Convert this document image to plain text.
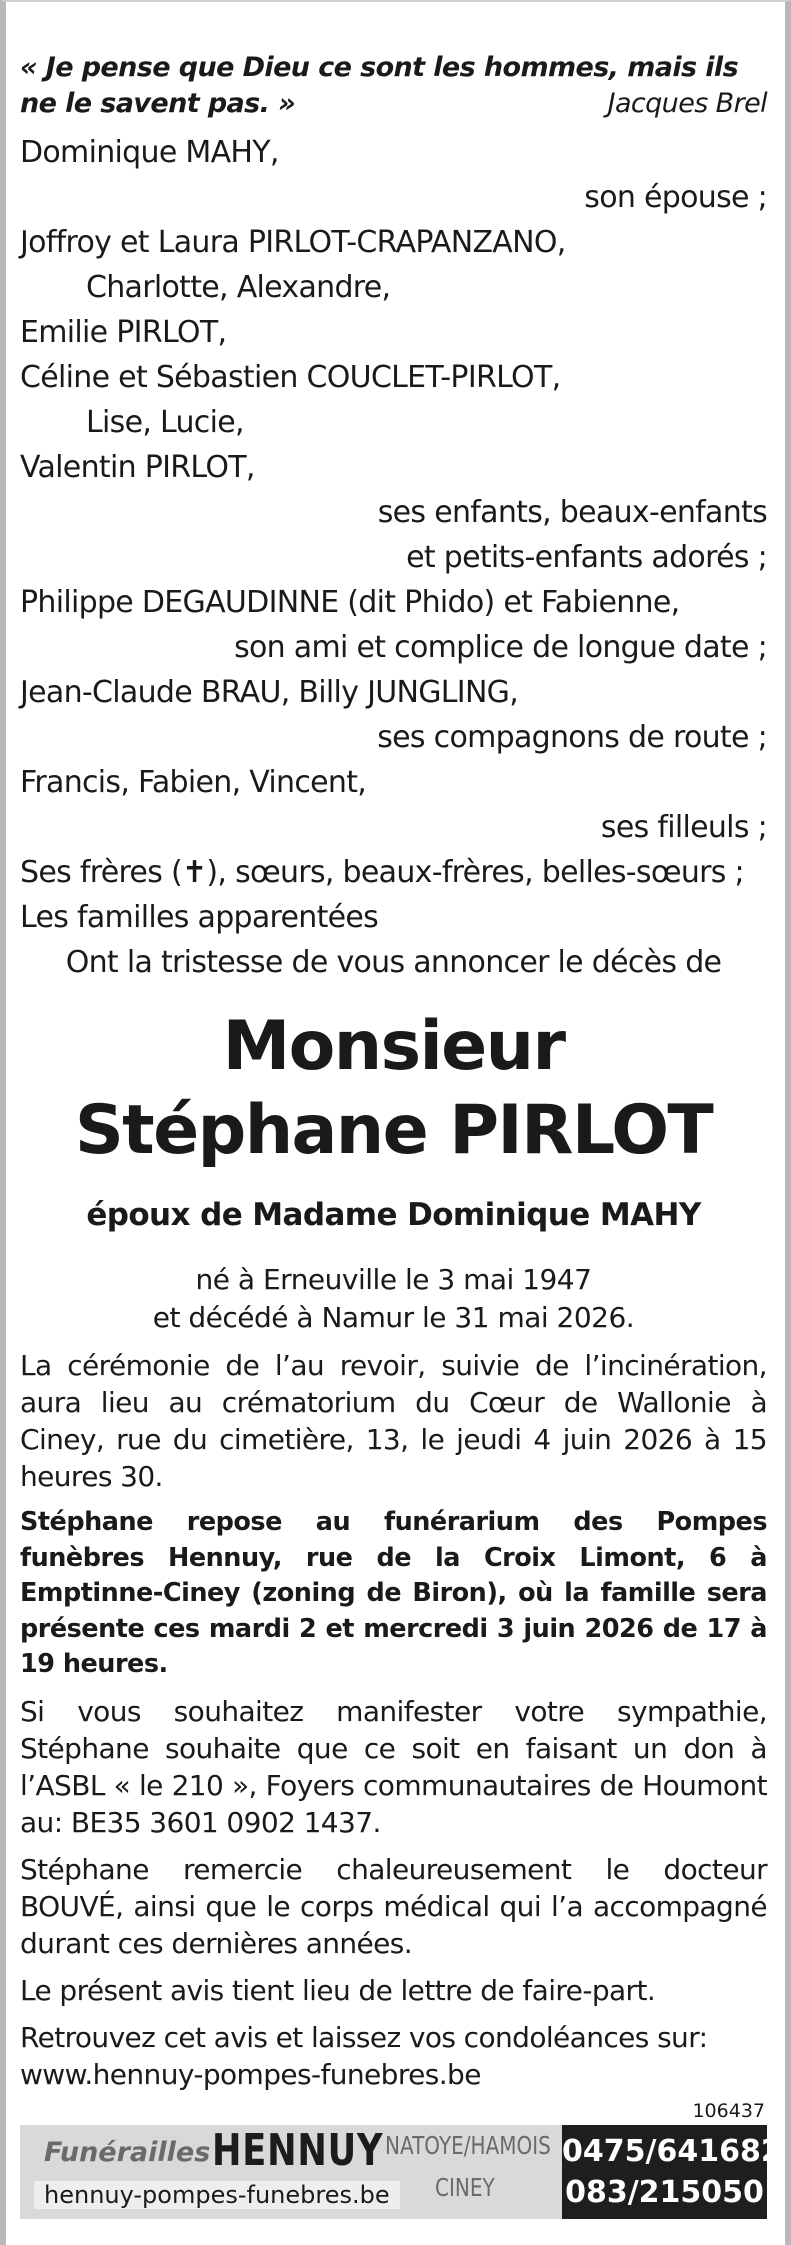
« Je pense que Dieu ce sont les hommes, mais ils ne le savent pas. »	Jacques Brel
Dominique MAHY,
son épouse ;
Joffroy et Laura PIRLOT-CRAPANZANO,
Charlotte, Alexandre,
Emilie PIRLOT,
Céline et Sébastien COUCLET-PIRLOT,
Lise, Lucie,
Valentin PIRLOT,
ses enfants, beaux-enfants
et petits-enfants adorés ;
Philippe DEGAUDINNE (dit Phido) et Fabienne,
son ami et complice de longue date ;
Jean-Claude BRAU, Billy JUNGLING,
ses compagnons de route ;
Francis, Fabien, Vincent,
ses filleuls ;
Ses frères (✝), sœurs, beaux-frères, belles-sœurs ;
Les familles apparentées
Ont la tristesse de vous annoncer le décès de
Monsieur
Stéphane PIRLOT
époux de Madame Dominique MAHY
né à Erneuville le 3 mai 1947
et décédé à Namur le 31 mai 2026.
La cérémonie de l’au revoir, suivie de l’incinération, aura lieu au crématorium du Cœur de Wallonie à Ciney, rue du cimetière, 13, le jeudi 4 juin 2026 à 15 heures 30.
Stéphane repose au funérarium des Pompes funèbres Hennuy, rue de la Croix Limont, 6 à Emptinne-Ciney (zoning de Biron), où la famille sera présente ces mardi 2 et mercredi 3 juin 2026 de 17 à 19 heures.
Si vous souhaitez manifester votre sympathie, Stéphane souhaite que ce soit en faisant un don à l’ASBL « le 210 », Foyers communautaires de Houmont au: BE35 3601 0902 1437.
Stéphane remercie chaleureusement le docteur BOUVÉ, ainsi que le corps médical qui l’a accompagné durant ces dernières années.
Le présent avis tient lieu de lettre de faire-part.
Retrouvez cet avis et laissez vos condoléances sur: www.hennuy-pompes-funebres.be
106437
Funérailles HENNUY NATOYE/HAMOIS
CINEY
hennuy-pompes-funebres.be
0475/641682
083/215050
